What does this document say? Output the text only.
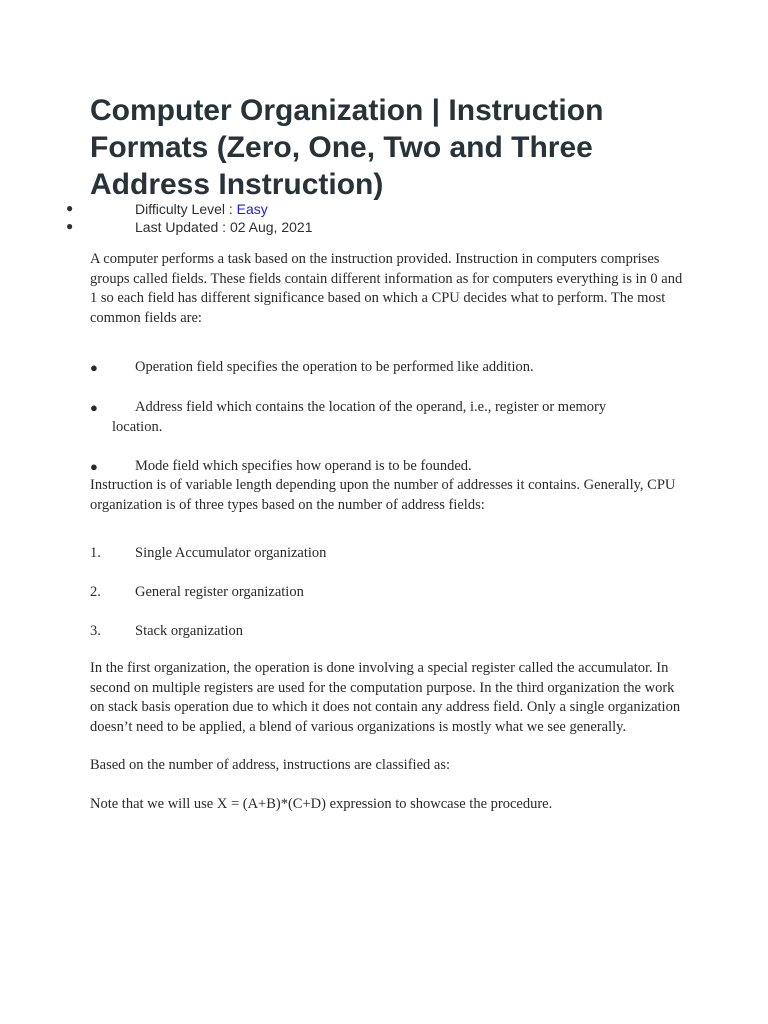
Computer Organization | Instruction Formats (Zero, One, Two and Three Address Instruction)
●	Difficulty Level : Easy
●	Last Updated : 02 Aug, 2021

A computer performs a task based on the instruction provided. Instruction in computers comprises groups called fields. These fields contain different information as for computers everything is in 0 and 1 so each field has different significance based on which a CPU decides what to perform. The most common fields are:

●	Operation field specifies the operation to be performed like addition.
●	Address field which contains the location of the operand, i.e., register or memory
location.
●	Mode field which specifies how operand is to be founded.

Instruction is of variable length depending upon the number of addresses it contains. Generally, CPU organization is of three types based on the number of address fields:

1. Single Accumulator organization
2. General register organization
3. Stack organization

In the first organization, the operation is done involving a special register called the accumulator. In second on multiple registers are used for the computation purpose. In the third organization the work on stack basis operation due to which it does not contain any address field. Only a single organization doesn’t need to be applied, a blend of various organizations is mostly what we see generally.

Based on the number of address, instructions are classified as:

Note that we will use X = (A+B)*(C+D) expression to showcase the procedure.
